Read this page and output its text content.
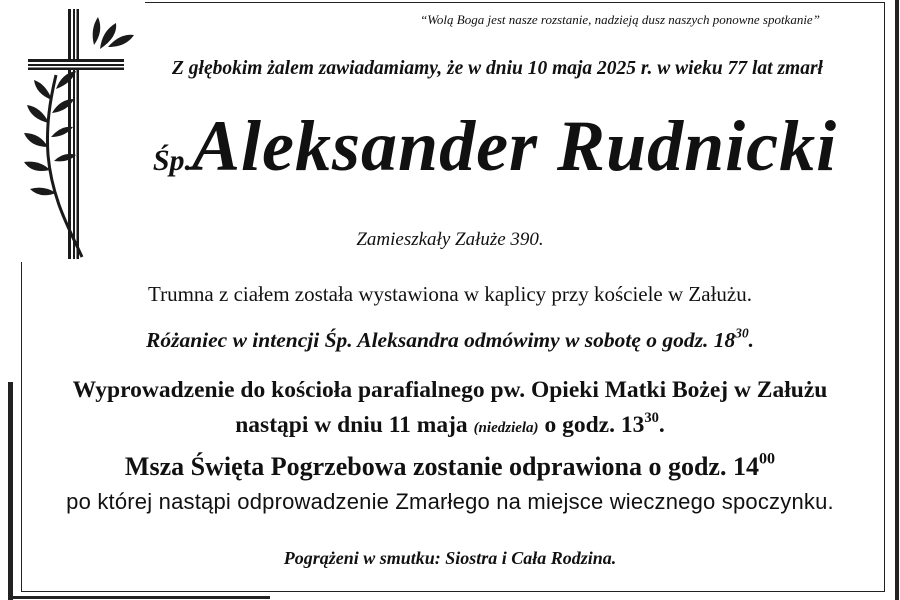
“Wolą Boga jest nasze rozstanie, nadzieją dusz naszych ponowne spotkanie”
Z głębokim żalem zawiadamiamy, że w dniu 10 maja 2025 r. w wieku 77 lat zmarł
Śp.Aleksander Rudnicki
Zamieszkały Załuże 390.
Trumna z ciałem została wystawiona w kaplicy przy kościele w Załużu.
Różaniec w intencji Śp. Aleksandra odmówimy w sobotę o godz. $18^{30}$.
Wyprowadzenie do kościoła parafialnego pw. Opieki Matki Bożej w Załużu
nastąpi w dniu 11 maja (niedziela) o godz. $13^{30}$.
Msza Święta Pogrzebowa zostanie odprawiona o godz. $14^{00}$
po której nastąpi odprowadzenie Zmarłego na miejsce wiecznego spoczynku.
Pogrążeni w smutku: Siostra i Cała Rodzina.
